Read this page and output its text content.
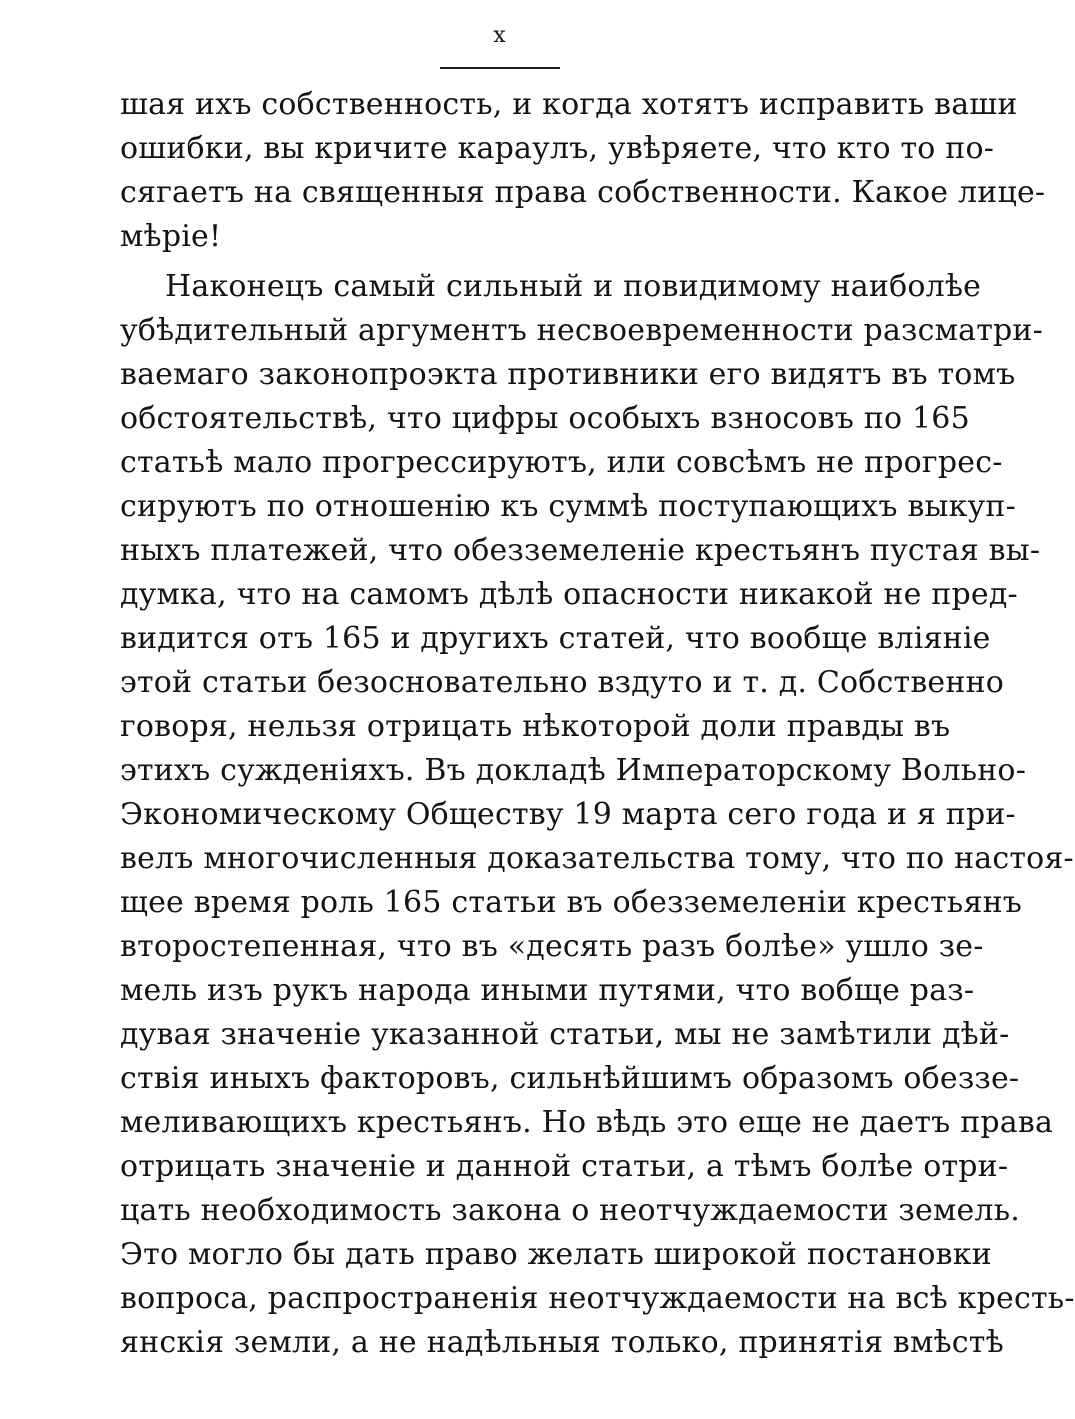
x
шая ихъ собственность, и когда хотятъ исправить ваши
ошибки, вы кричите караулъ, увѣряете, что кто то по-
сягаетъ на священныя права собственности. Какое лице-
мѣріе!
Наконецъ самый сильный и повидимому наиболѣе
убѣдительный аргументъ несвоевременности разсматри-
ваемаго законопроэкта противники его видятъ въ томъ
обстоятельствѣ, что цифры особыхъ взносовъ по 165
статьѣ мало прогрессируютъ, или совсѣмъ не прогрес-
сируютъ по отношенію къ суммѣ поступающихъ выкуп-
ныхъ платежей, что обезземеленіе крестьянъ пустая вы-
думка, что на самомъ дѣлѣ опасности никакой не пред-
видится отъ 165 и другихъ статей, что вообще вліяніе
этой статьи безосновательно вздуто и т. д. Собственно
говоря, нельзя отрицать нѣкоторой доли правды въ
этихъ сужденіяхъ. Въ докладѣ Императорскому Вольно-
Экономическому Обществу 19 марта сего года и я при-
велъ многочисленныя доказательства тому, что по настоя-
щее время роль 165 статьи въ обезземеленіи крестьянъ
второстепенная, что въ «десять разъ болѣе» ушло зе-
мель изъ рукъ народа иными путями, что вобще раз-
дувая значеніе указанной статьи, мы не замѣтили дѣй-
ствія иныхъ факторовъ, сильнѣйшимъ образомъ обеззе-
меливающихъ крестьянъ. Но вѣдь это еще не даетъ права
отрицать значеніе и данной статьи, а тѣмъ болѣе отри-
цать необходимость закона о неотчуждаемости земель.
Это могло бы дать право желать широкой постановки
вопроса, распространенія неотчуждаемости на всѣ кресть-
янскія земли, а не надѣльныя только, принятія вмѣстѣ
